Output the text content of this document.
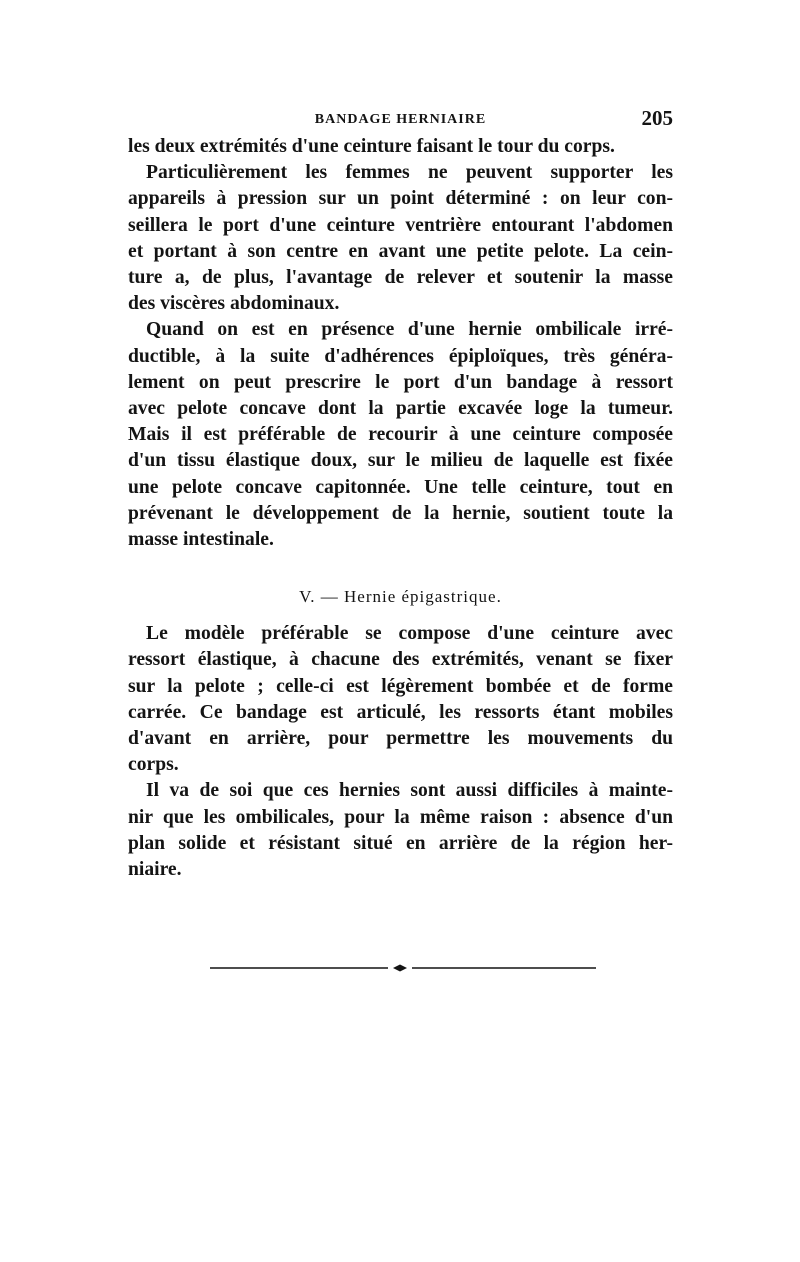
BANDAGE HERNIAIRE	205

les deux extrémités d'une ceinture faisant le tour du corps.

Particulièrement les femmes ne peuvent supporter les
appareils à pression sur un point déterminé : on leur con-
seillera le port d'une ceinture ventrière entourant l'abdomen
et portant à son centre en avant une petite pelote. La cein-
ture a, de plus, l'avantage de relever et soutenir la masse
des viscères abdominaux.

Quand on est en présence d'une hernie ombilicale irré-
ductible, à la suite d'adhérences épiploïques, très généra-
lement on peut prescrire le port d'un bandage à ressort
avec pelote concave dont la partie excavée loge la tumeur.
Mais il est préférable de recourir à une ceinture composée
d'un tissu élastique doux, sur le milieu de laquelle est fixée
une pelote concave capitonnée. Une telle ceinture, tout en
prévenant le développement de la hernie, soutient toute la
masse intestinale.

V. — Hernie épigastrique.

Le modèle préférable se compose d'une ceinture avec
ressort élastique, à chacune des extrémités, venant se fixer
sur la pelote ; celle-ci est légèrement bombée et de forme
carrée. Ce bandage est articulé, les ressorts étant mobiles
d'avant en arrière, pour permettre les mouvements du
corps.

Il va de soi que ces hernies sont aussi difficiles à mainte-
nir que les ombilicales, pour la même raison : absence d'un
plan solide et résistant situé en arrière de la région her-
niaire.
